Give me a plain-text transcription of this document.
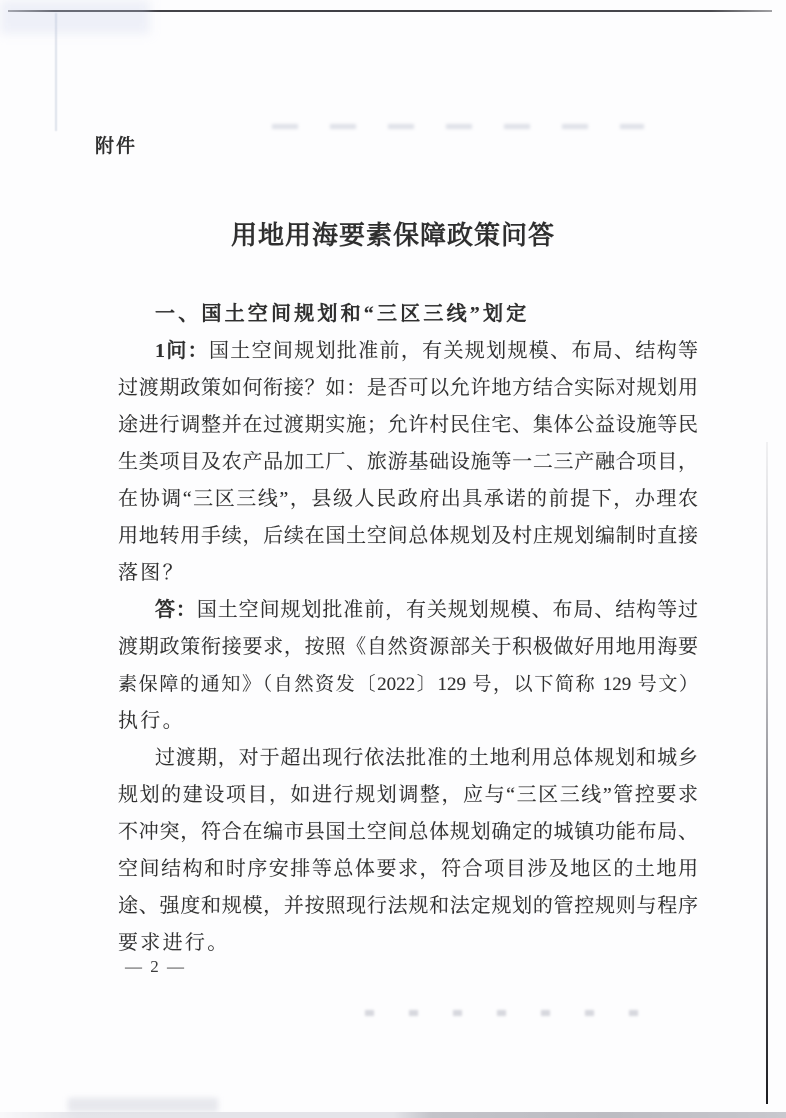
附件
用地用海要素保障政策问答
一、国土空间规划和“三区三线”划定
1问：国土空间规划批准前，有关规划规模、布局、结构等
过渡期政策如何衔接？如：是否可以允许地方结合实际对规划用
途进行调整并在过渡期实施；允许村民住宅、集体公益设施等民
生类项目及农产品加工厂、旅游基础设施等一二三产融合项目，
在协调“三区三线”，县级人民政府出具承诺的前提下，办理农
用地转用手续，后续在国土空间总体规划及村庄规划编制时直接
落图？
答：国土空间规划批准前，有关规划规模、布局、结构等过
渡期政策衔接要求，按照《自然资源部关于积极做好用地用海要
素保障的通知》（自然资发〔2022〕129 号，以下简称 129 号文）
执行。
过渡期，对于超出现行依法批准的土地利用总体规划和城乡
规划的建设项目，如进行规划调整，应与“三区三线”管控要求
不冲突，符合在编市县国土空间总体规划确定的城镇功能布局、
空间结构和时序安排等总体要求，符合项目涉及地区的土地用
途、强度和规模，并按照现行法规和法定规划的管控规则与程序
要求进行。
— 2 —
